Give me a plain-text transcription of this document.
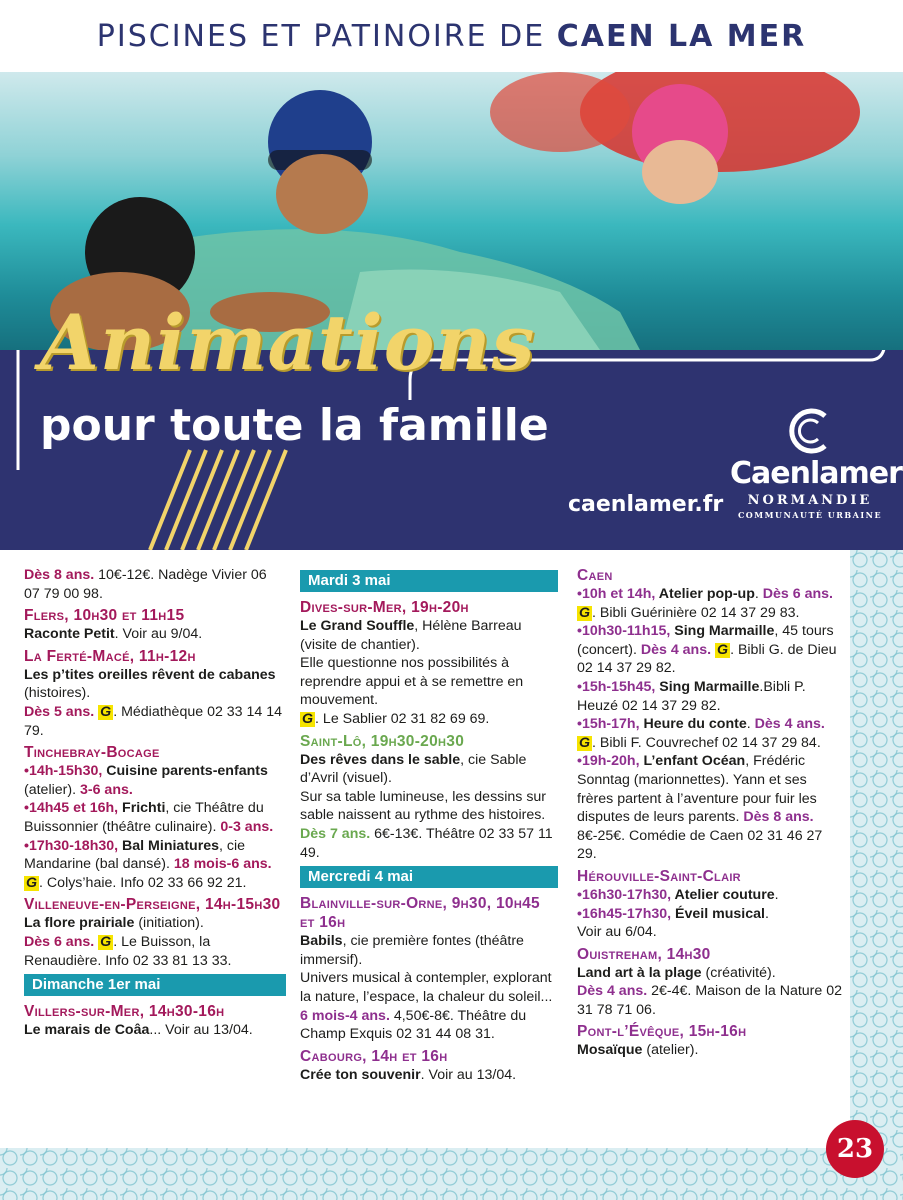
PISCINES ET PATINOIRE DE CAEN LA MER
Animations
pour toute la famille
caenlamer.fr
Caenlamer
NORMANDIE
COMMUNAUTÉ URBAINE
23
Dès 8 ans. 10€-12€. Nadège Vivier 06 07 79 00 98.
Flers, 10h30 et 11h15
Raconte Petit. Voir au 9/04.
La Ferté-Macé, 11h-12h
Les p’tites oreilles rêvent de cabanes (histoires).
Dès 5 ans. G . Médiathèque 02 33 14 14 79.
Tinchebray-Bocage
•14h-15h30, Cuisine parents-enfants (atelier). 3-6 ans.
•14h45 et 16h, Frichti, cie Théâtre du Buissonnier (théâtre culinaire). 0-3 ans.
•17h30-18h30, Bal Miniatures, cie Mandarine (bal dansé). 18 mois-6 ans.
G . Colys’haie. Info 02 33 66 92 21.
Villeneuve-en-Perseigne, 14h-15h30
La flore prairiale (initiation).
Dès 6 ans. G . Le Buisson, la Renaudière. Info 02 33 81 13 33.
Dimanche 1er mai
Villers-sur-Mer, 14h30-16h
Le marais de Coâa... Voir au 13/04.
Mardi 3 mai
Dives-sur-Mer, 19h-20h
Le Grand Souffle, Hélène Barreau (visite de chantier).
Elle questionne nos possibilités à reprendre appui et à se remettre en mouvement.
G . Le Sablier 02 31 82 69 69.
Saint-Lô, 19h30-20h30
Des rêves dans le sable, cie Sable d’Avril (visuel).
Sur sa table lumineuse, les dessins sur sable naissent au rythme des histoires.
Dès 7 ans. 6€-13€. Théâtre 02 33 57 11 49.
Mercredi 4 mai
Blainville-sur-Orne, 9h30, 10h45 et 16h
Babils, cie première fontes (théâtre immersif).
Univers musical à contempler, explorant la nature, l’espace, la chaleur du soleil...
6 mois-4 ans. 4,50€-8€. Théâtre du Champ Exquis 02 31 44 08 31.
Cabourg, 14h et 16h
Crée ton souvenir. Voir au 13/04.
Caen
•10h et 14h, Atelier pop-up. Dès 6 ans. G . Bibli Guérinière 02 14 37 29 83.
•10h30-11h15, Sing Marmaille, 45 tours (concert). Dès 4 ans. G . Bibli G. de Dieu 02 14 37 29 82.
•15h-15h45, Sing Marmaille.Bibli P. Heuzé 02 14 37 29 82.
•15h-17h, Heure du conte. Dès 4 ans. G . Bibli F. Couvrechef 02 14 37 29 84.
•19h-20h, L’enfant Océan, Frédéric Sonntag (marionnettes). Yann et ses frères partent à l’aventure pour fuir les disputes de leurs parents. Dès 8 ans. 8€-25€. Comédie de Caen 02 31 46 27 29.
Hérouville-Saint-Clair
•16h30-17h30, Atelier couture.
•16h45-17h30, Éveil musical.
Voir au 6/04.
Ouistreham, 14h30
Land art à la plage (créativité).
Dès 4 ans. 2€-4€. Maison de la Nature 02 31 78 71 06.
Pont-l’Évêque, 15h-16h
Mosaïque (atelier).
